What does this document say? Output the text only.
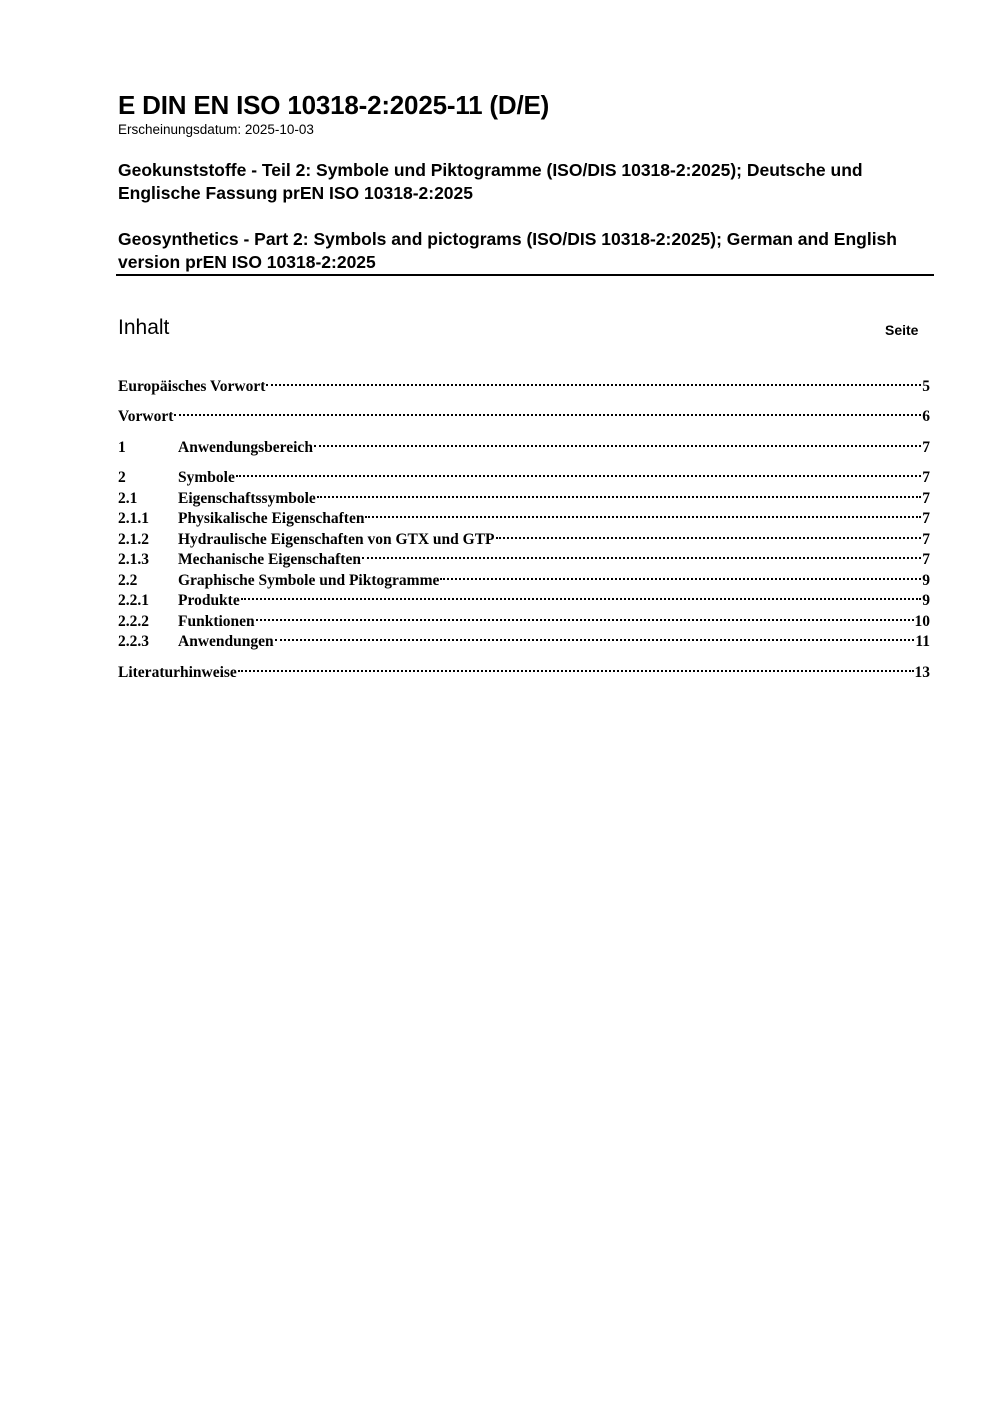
E DIN EN ISO 10318-2:2025-11 (D/E)
Erscheinungsdatum: 2025-10-03
Geokunststoffe - Teil 2: Symbole und Piktogramme (ISO/DIS 10318-2:2025); Deutsche und Englische Fassung prEN ISO 10318-2:2025
Geosynthetics - Part 2: Symbols and pictograms (ISO/DIS 10318-2:2025); German and English version prEN ISO 10318-2:2025
Inhalt	Seite
Europäisches Vorwort	5
Vorwort	6
1	Anwendungsbereich	7
2	Symbole	7
2.1	Eigenschaftssymbole	7
2.1.1	Physikalische Eigenschaften	7
2.1.2	Hydraulische Eigenschaften von GTX und GTP	7
2.1.3	Mechanische Eigenschaften	7
2.2	Graphische Symbole und Piktogramme	9
2.2.1	Produkte	9
2.2.2	Funktionen	10
2.2.3	Anwendungen	11
Literaturhinweise	13
